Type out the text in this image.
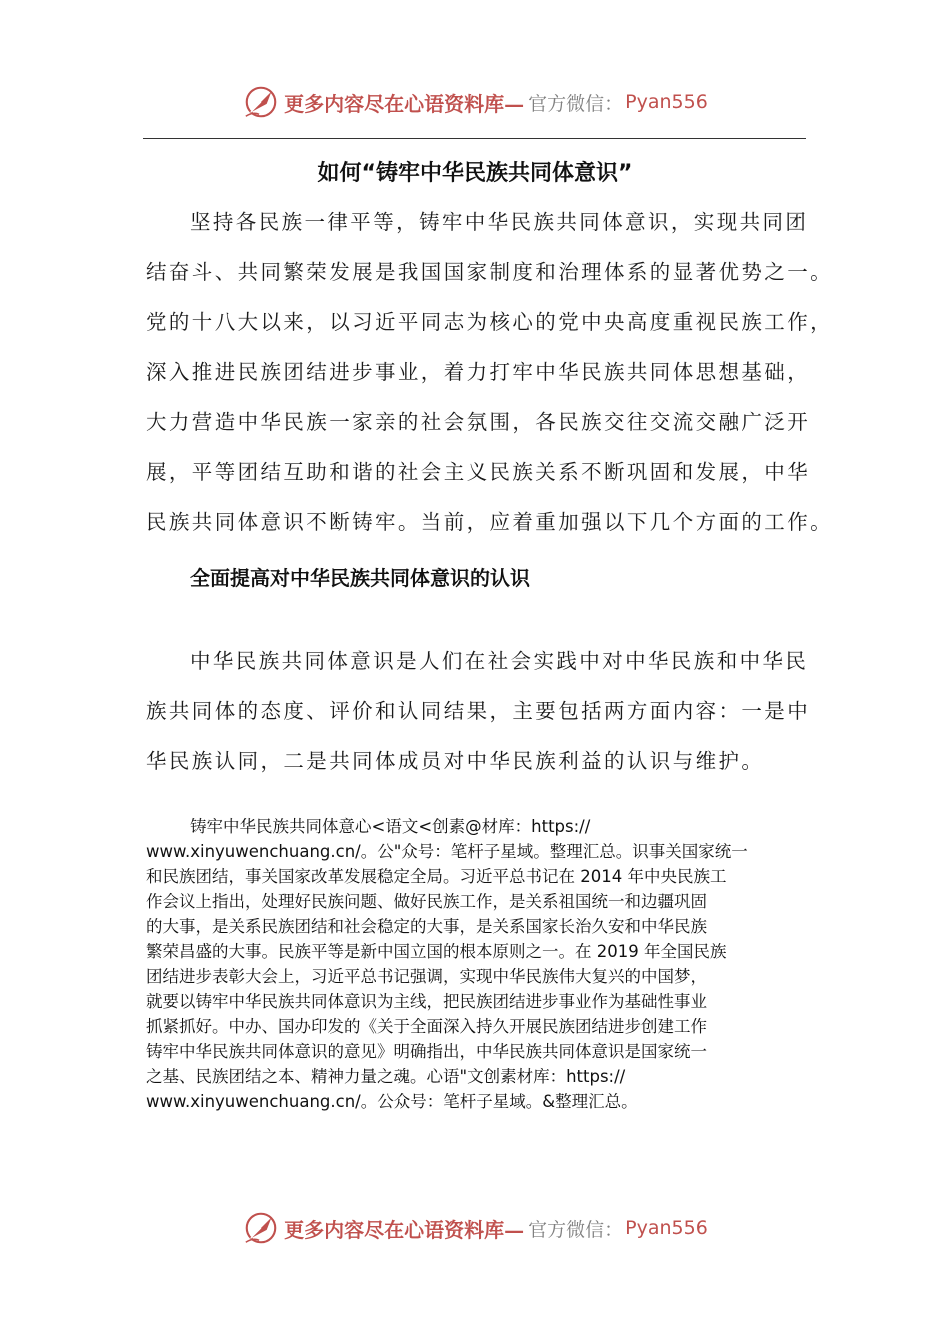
更多内容尽在心语资料库— 官方微信： Pyan556
如何“铸牢中华民族共同体意识”
坚持各民族一律平等，铸牢中华民族共同体意识，实现共同团
结奋斗、共同繁荣发展是我国国家制度和治理体系的显著优势之一。
党的十八大以来，以习近平同志为核心的党中央高度重视民族工作，
深入推进民族团结进步事业，着力打牢中华民族共同体思想基础，
大力营造中华民族一家亲的社会氛围，各民族交往交流交融广泛开
展，平等团结互助和谐的社会主义民族关系不断巩固和发展，中华
民族共同体意识不断铸牢。当前，应着重加强以下几个方面的工作。
全面提高对中华民族共同体意识的认识
中华民族共同体意识是人们在社会实践中对中华民族和中华民
族共同体的态度、评价和认同结果，主要包括两方面内容：一是中
华民族认同，二是共同体成员对中华民族利益的认识与维护。
铸牢中华民族共同体意心<语文<创素@材库：https://
www.xinyuwenchuang.cn/。公"众号：笔杆子星域。整理汇总。识事关国家统一
和民族团结，事关国家改革发展稳定全局。习近平总书记在 2014 年中央民族工
作会议上指出，处理好民族问题、做好民族工作，是关系祖国统一和边疆巩固
的大事，是关系民族团结和社会稳定的大事，是关系国家长治久安和中华民族
繁荣昌盛的大事。民族平等是新中国立国的根本原则之一。在 2019 年全国民族
团结进步表彰大会上，习近平总书记强调，实现中华民族伟大复兴的中国梦，
就要以铸牢中华民族共同体意识为主线，把民族团结进步事业作为基础性事业
抓紧抓好。中办、国办印发的《关于全面深入持久开展民族团结进步创建工作
铸牢中华民族共同体意识的意见》明确指出，中华民族共同体意识是国家统一
之基、民族团结之本、精神力量之魂。心语"文创素材库：https://
www.xinyuwenchuang.cn/。公众号：笔杆子星域。&整理汇总。
更多内容尽在心语资料库— 官方微信： Pyan556
